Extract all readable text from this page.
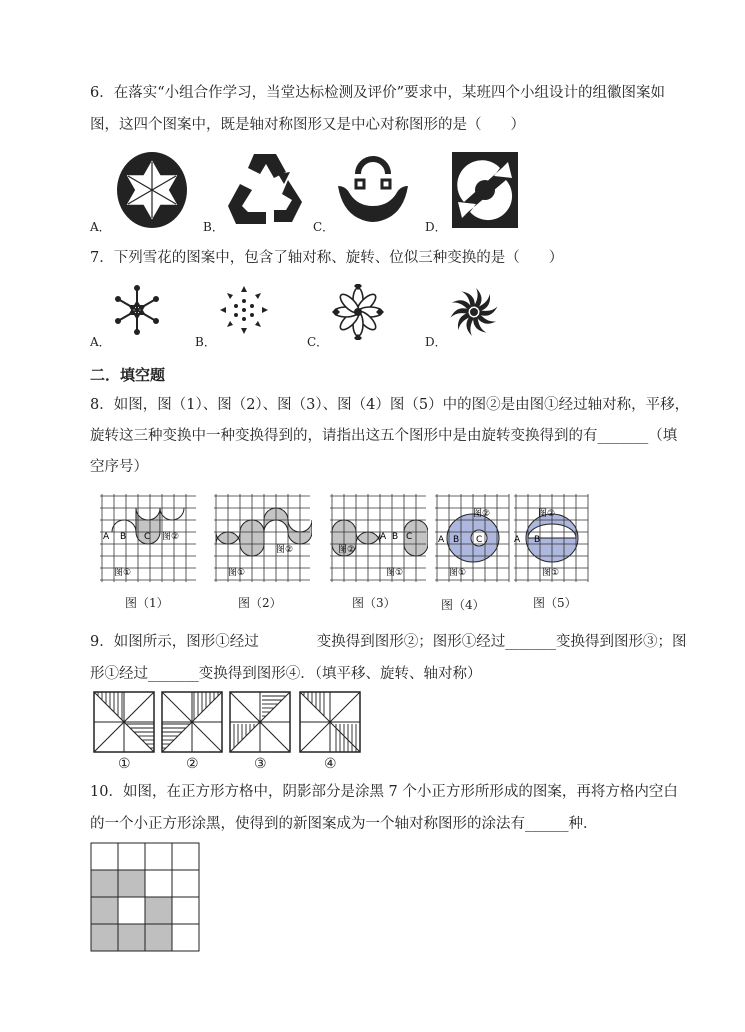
6．在落实“小组合作学习，当堂达标检测及评价”要求中，某班四个小组设计的组徽图案如
图，这四个图案中，既是轴对称图形又是中心对称图形的是（　　）
A．	B．	C．	D．
7．下列雪花的图案中，包含了轴对称、旋转、位似三种变换的是（　　）
A．	B．	C．	D．
二．填空题
8．如图，图（1）、图（2）、图（3）、图（4）图（5）中的图②是由图①经过轴对称，平移，
旋转这三种变换中一种变换得到的，请指出这五个图形中是由旋转变换得到的有_______（填
空序号）
A B C 图②
图①
图②
图①
A B C
图②
图①
A B C
图②
图①
A B
图②
图①
图（1）	图（2）	图（3）	图（4）	图（5）
9．如图所示，图形①经过　　　　变换得到图形②；图形①经过_______变换得到图形③；图
形①经过_______变换得到图形④．（填平移、旋转、轴对称）
①	②	③	④
10．如图，在正方形方格中，阴影部分是涂黑 7 个小正方形所形成的图案，再将方格内空白
的一个小正方形涂黑，使得到的新图案成为一个轴对称图形的涂法有______种．
